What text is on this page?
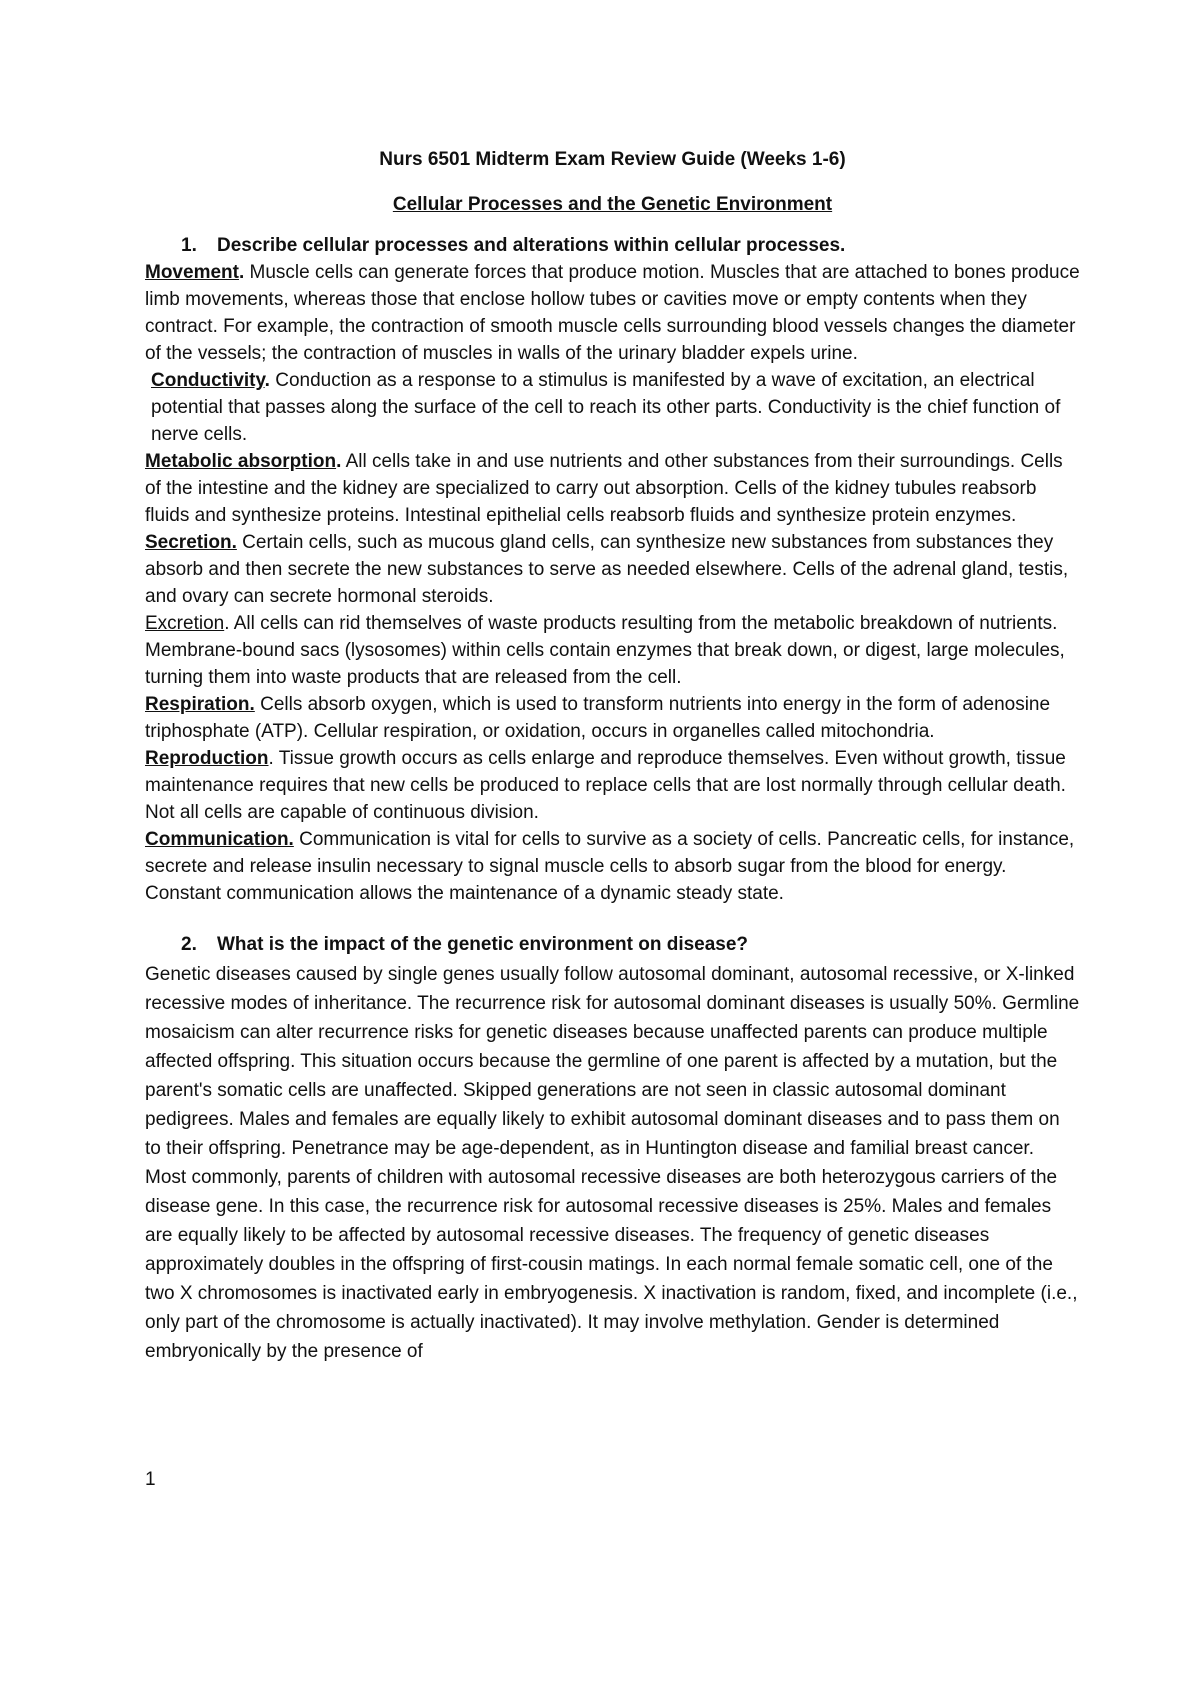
Nurs 6501 Midterm Exam Review Guide (Weeks 1-6)
Cellular Processes and the Genetic Environment
1. Describe cellular processes and alterations within cellular processes.

Movement. Muscle cells can generate forces that produce motion. Muscles that are attached to bones produce limb movements, whereas those that enclose hollow tubes or cavities move or empty contents when they contract. For example, the contraction of smooth muscle cells surrounding blood vessels changes the diameter of the vessels; the contraction of muscles in walls of the urinary bladder expels urine.

Conductivity. Conduction as a response to a stimulus is manifested by a wave of excitation, an electrical potential that passes along the surface of the cell to reach its other parts. Conductivity is the chief function of nerve cells.

Metabolic absorption. All cells take in and use nutrients and other substances from their surroundings. Cells of the intestine and the kidney are specialized to carry out absorption. Cells of the kidney tubules reabsorb fluids and synthesize proteins. Intestinal epithelial cells reabsorb fluids and synthesize protein enzymes.

Secretion. Certain cells, such as mucous gland cells, can synthesize new substances from substances they absorb and then secrete the new substances to serve as needed elsewhere. Cells of the adrenal gland, testis, and ovary can secrete hormonal steroids.

Excretion. All cells can rid themselves of waste products resulting from the metabolic breakdown of nutrients. Membrane-bound sacs (lysosomes) within cells contain enzymes that break down, or digest, large molecules, turning them into waste products that are released from the cell.

Respiration. Cells absorb oxygen, which is used to transform nutrients into energy in the form of adenosine triphosphate (ATP). Cellular respiration, or oxidation, occurs in organelles called mitochondria.

Reproduction. Tissue growth occurs as cells enlarge and reproduce themselves. Even without growth, tissue maintenance requires that new cells be produced to replace cells that are lost normally through cellular death. Not all cells are capable of continuous division.

Communication. Communication is vital for cells to survive as a society of cells. Pancreatic cells, for instance, secrete and release insulin necessary to signal muscle cells to absorb sugar from the blood for energy. Constant communication allows the maintenance of a dynamic steady state.

2. What is the impact of the genetic environment on disease?

Genetic diseases caused by single genes usually follow autosomal dominant, autosomal recessive, or X-linked recessive modes of inheritance. The recurrence risk for autosomal dominant diseases is usually 50%. Germline mosaicism can alter recurrence risks for genetic diseases because unaffected parents can produce multiple affected offspring. This situation occurs because the germline of one parent is affected by a mutation, but the parent's somatic cells are unaffected. Skipped generations are not seen in classic autosomal dominant pedigrees. Males and females are equally likely to exhibit autosomal dominant diseases and to pass them on to their offspring. Penetrance may be age-dependent, as in Huntington disease and familial breast cancer. Most commonly, parents of children with autosomal recessive diseases are both heterozygous carriers of the disease gene. In this case, the recurrence risk for autosomal recessive diseases is 25%. Males and females are equally likely to be affected by autosomal recessive diseases. The frequency of genetic diseases approximately doubles in the offspring of first-cousin matings. In each normal female somatic cell, one of the two X chromosomes is inactivated early in embryogenesis. X inactivation is random, fixed, and incomplete (i.e., only part of the chromosome is actually inactivated). It may involve methylation. Gender is determined embryonically by the presence of

1
